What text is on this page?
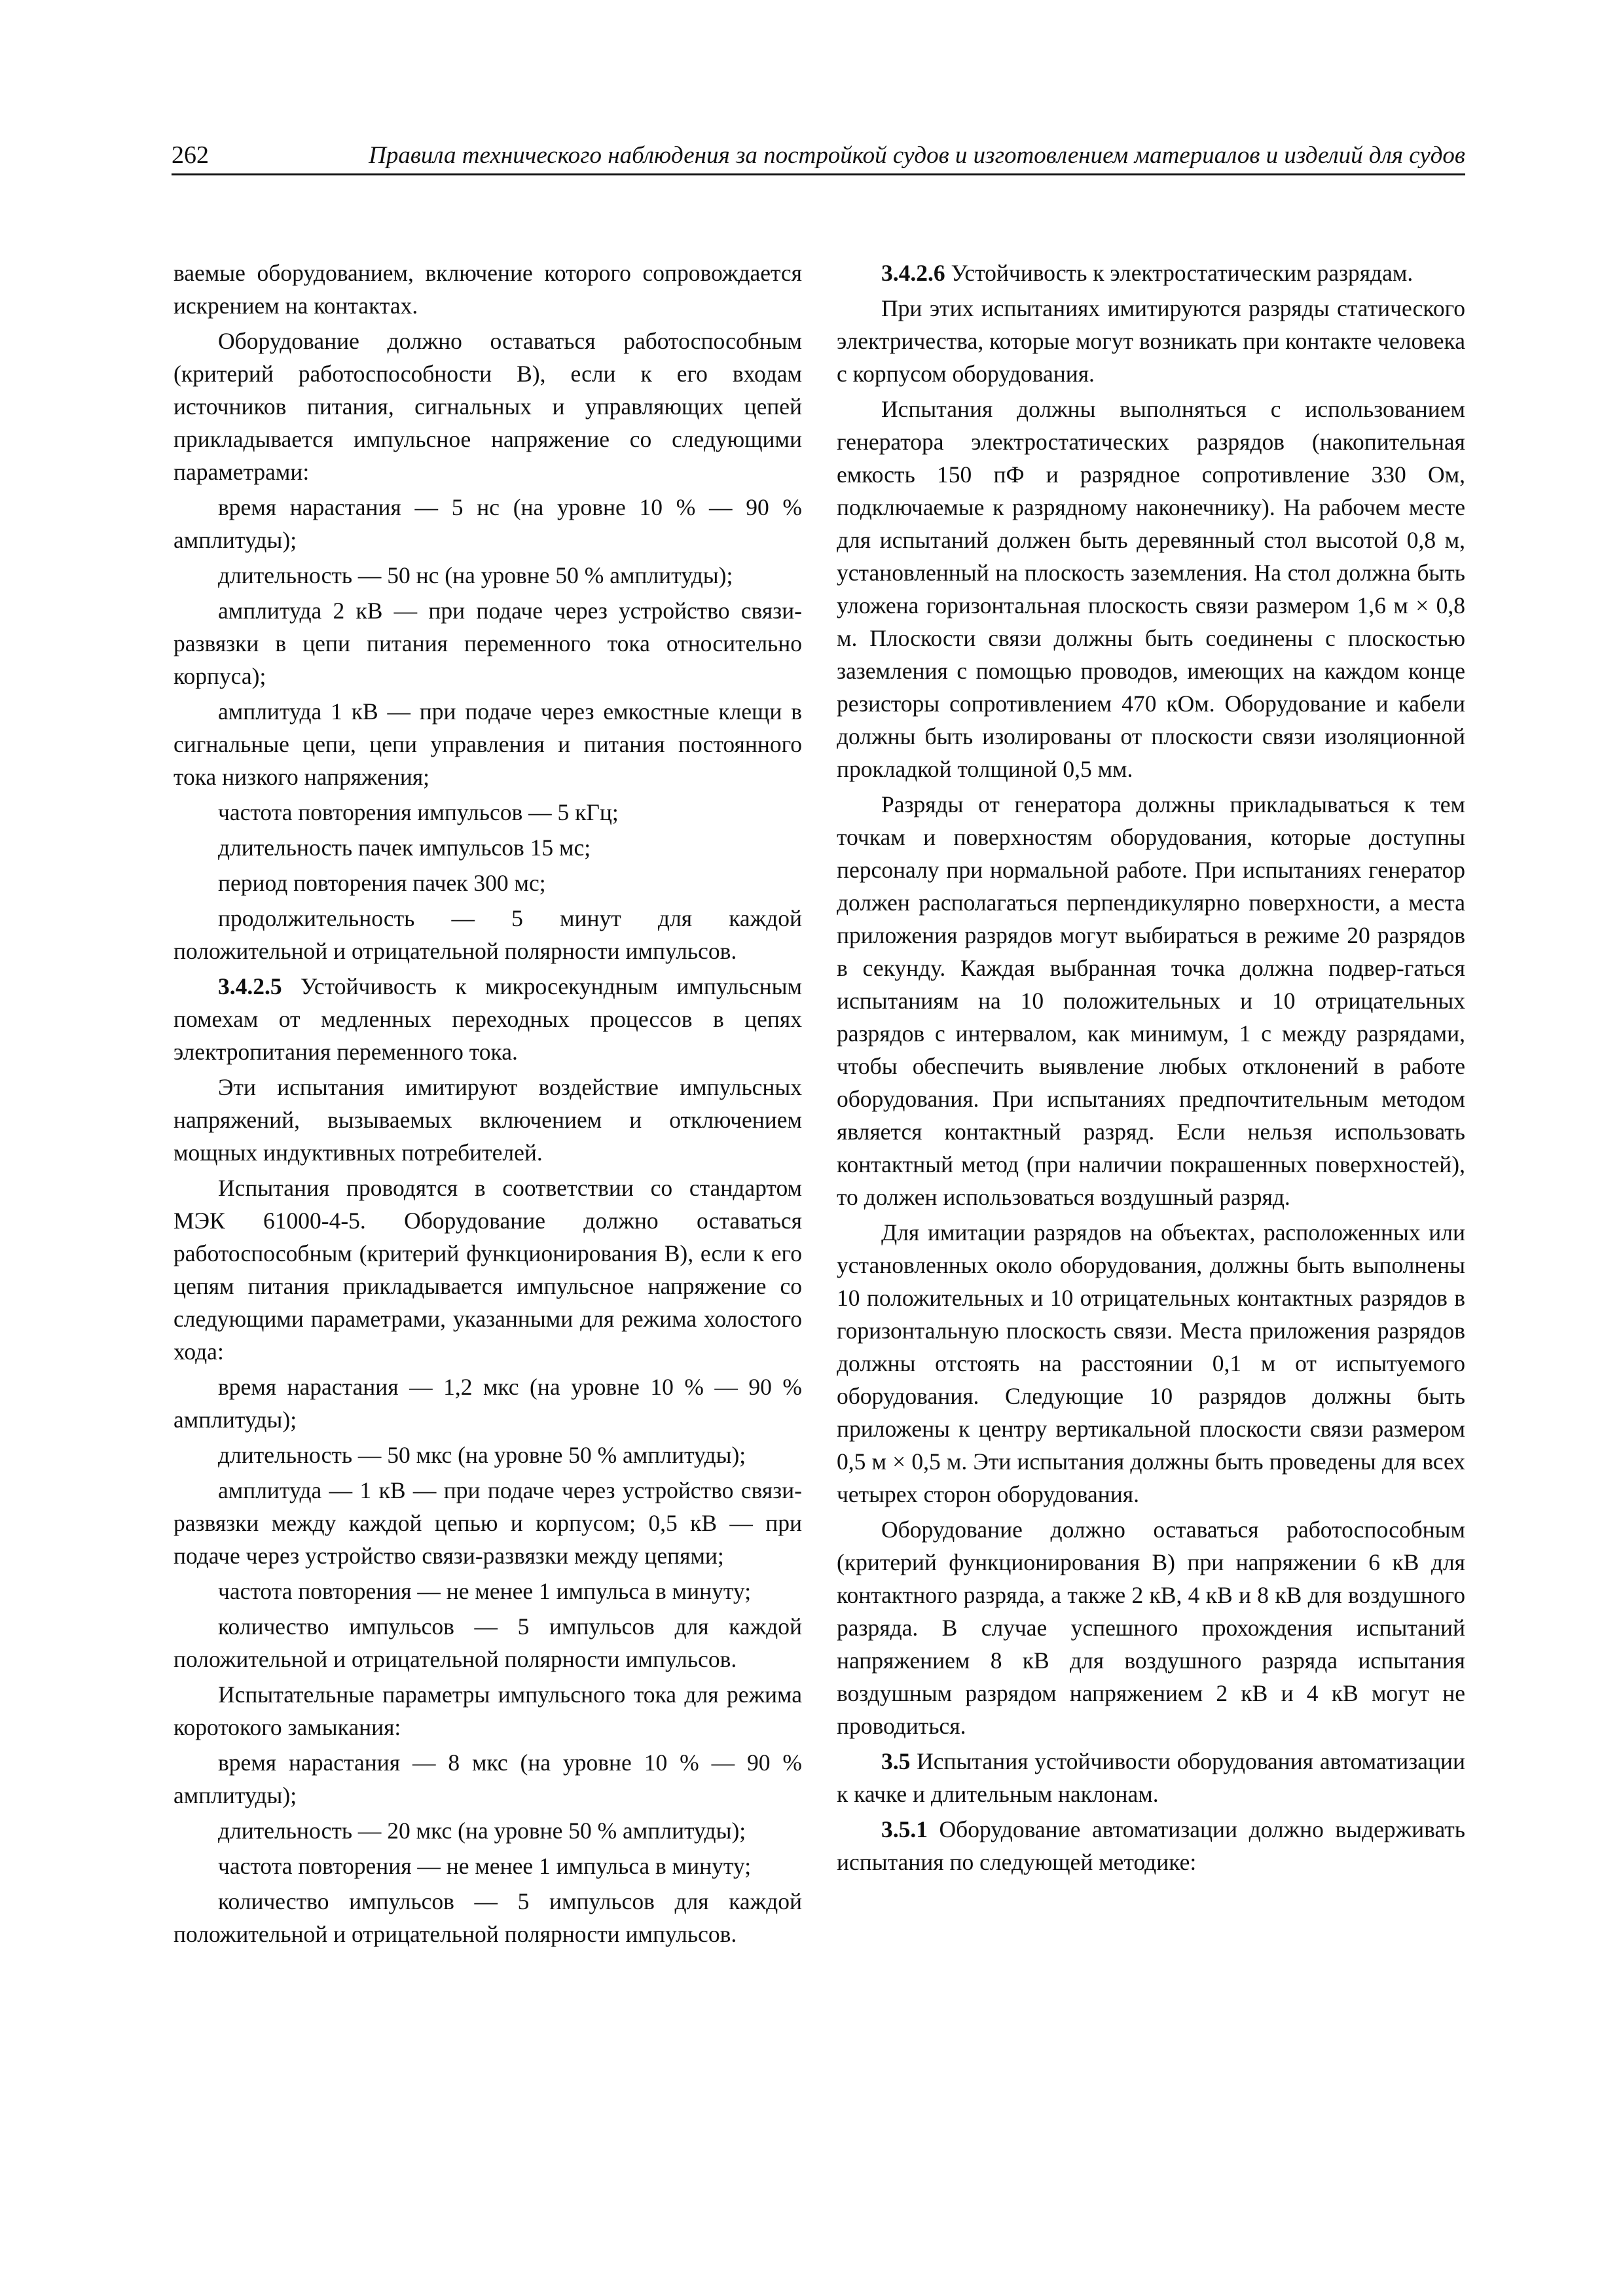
262	Правила технического наблюдения за постройкой судов и изготовлением материалов и изделий для судов

ваемые оборудованием, включение которого сопровождается искрением на контактах.

Оборудование должно оставаться работоспособным (критерий работоспособности В), если к его входам источников питания, сигнальных и управляющих цепей прикладывается импульсное напряжение со следующими параметрами:

время нарастания — 5 нс (на уровне 10 % — 90 % амплитуды);

длительность — 50 нс (на уровне 50 % амплитуды);

амплитуда 2 кВ — при подаче через устройство связи-развязки в цепи питания переменного тока относительно корпуса);

амплитуда 1 кВ — при подаче через емкостные клещи в сигнальные цепи, цепи управления и питания постоянного тока низкого напряжения;

частота повторения импульсов — 5 кГц;

длительность пачек импульсов 15 мс;

период повторения пачек 300 мс;

продолжительность — 5 минут для каждой положительной и отрицательной полярности импульсов.

3.4.2.5 Устойчивость к микросекундным импульсным помехам от медленных переходных процессов в цепях электропитания переменного тока.

Эти испытания имитируют воздействие импульсных напряжений, вызываемых включением и отключением мощных индуктивных потребителей.

Испытания проводятся в соответствии со стандартом МЭК 61000-4-5. Оборудование должно оставаться работоспособным (критерий функционирования В), если к его цепям питания прикладывается импульсное напряжение со следующими параметрами, указанными для режима холостого хода:

время нарастания — 1,2 мкс (на уровне 10 % — 90 % амплитуды);

длительность — 50 мкс (на уровне 50 % амплитуды);

амплитуда — 1 кВ — при подаче через устройство связи-развязки между каждой цепью и корпусом; 0,5 кВ — при подаче через устройство связи-развязки между цепями;

частота повторения — не менее 1 импульса в минуту;

количество импульсов — 5 импульсов для каждой положительной и отрицательной полярности импульсов.

Испытательные параметры импульсного тока для режима коротокого замыкания:

время нарастания — 8 мкс (на уровне 10 % — 90 % амплитуды);

длительность — 20 мкс (на уровне 50 % амплитуды);

частота повторения — не менее 1 импульса в минуту;

количество импульсов — 5 импульсов для каждой положительной и отрицательной полярности импульсов.

3.4.2.6 Устойчивость к электростатическим разрядам.

При этих испытаниях имитируются разряды статического электричества, которые могут возникать при контакте человека с корпусом оборудования.

Испытания должны выполняться с использованием генератора электростатических разрядов (накопительная емкость 150 пФ и разрядное сопротивление 330 Ом, подключаемые к разрядному наконечнику). На рабочем месте для испытаний должен быть деревянный стол высотой 0,8 м, установленный на плоскость заземления. На стол должна быть уложена горизонтальная плоскость связи размером 1,6 м × 0,8 м. Плоскости связи должны быть соединены с плоскостью заземления с помощью проводов, имеющих на каждом конце резисторы сопротивлением 470 кОм. Оборудование и кабели должны быть изолированы от плоскости связи изоляционной прокладкой толщиной 0,5 мм.

Разряды от генератора должны прикладываться к тем точкам и поверхностям оборудования, которые доступны персоналу при нормальной работе. При испытаниях генератор должен располагаться перпендикулярно поверхности, а места приложения разрядов могут выбираться в режиме 20 разрядов в секунду. Каждая выбранная точка должна подвер-гаться испытаниям на 10 положительных и 10 отрицательных разрядов с интервалом, как минимум, 1 с между разрядами, чтобы обеспечить выявление любых отклонений в работе оборудования. При испытаниях предпочтительным методом является контактный разряд. Если нельзя использовать контактный метод (при наличии покрашенных поверхностей), то должен использоваться воздушный разряд.

Для имитации разрядов на объектах, расположенных или установленных около оборудования, должны быть выполнены 10 положительных и 10 отрицательных контактных разрядов в горизонтальную плоскость связи. Места приложения разрядов должны отстоять на расстоянии 0,1 м от испытуемого оборудования. Следующие 10 разрядов должны быть приложены к центру вертикальной плоскости связи размером 0,5 м × 0,5 м. Эти испытания должны быть проведены для всех четырех сторон оборудования.

Оборудование должно оставаться работоспособным (критерий функционирования В) при напряжении 6 кВ для контактного разряда, а также 2 кВ, 4 кВ и 8 кВ для воздушного разряда. В случае успешного прохождения испытаний напряжением 8 кВ для воздушного разряда испытания воздушным разрядом напряжением 2 кВ и 4 кВ могут не проводиться.

3.5 Испытания устойчивости оборудования автоматизации к качке и длительным наклонам.

3.5.1 Оборудование автоматизации должно выдерживать испытания по следующей методике:
